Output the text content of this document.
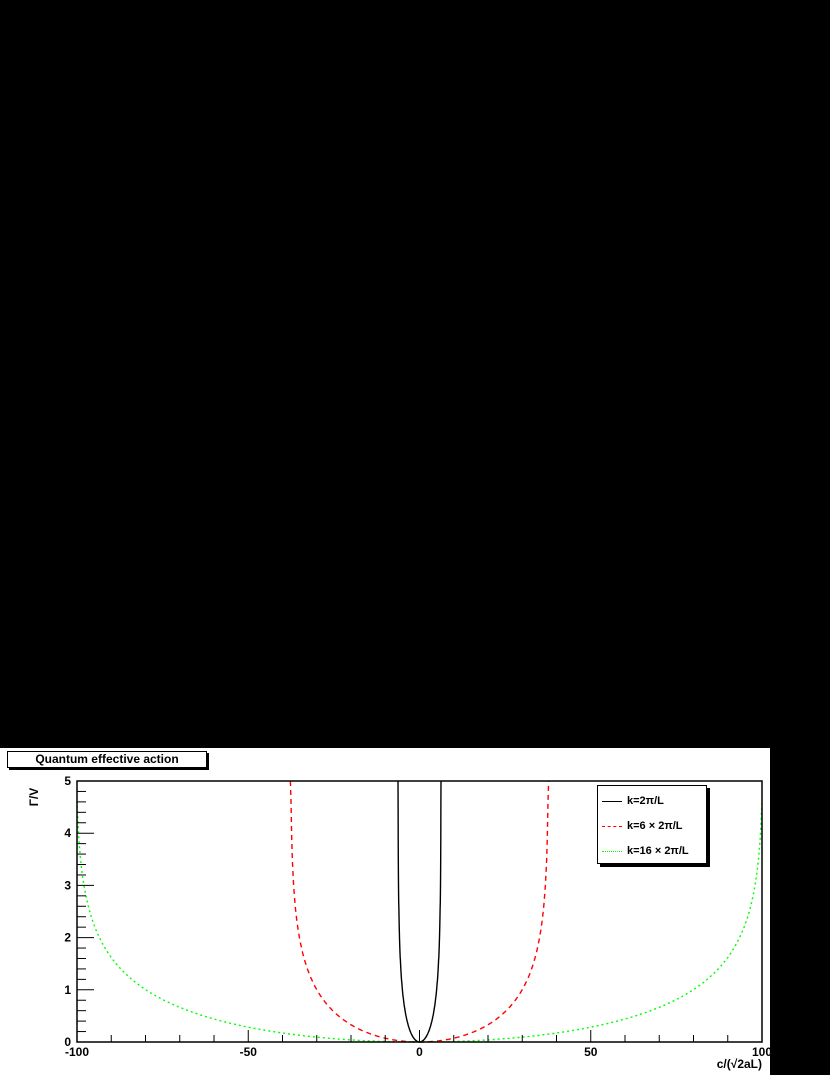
Quantum effective action
-100	-50	0	50	100
0
1
2
3
4
5
c/(√2aL)
Γ/V	k=2π/L
k=6 × 2π/L
k=16 × 2π/L
